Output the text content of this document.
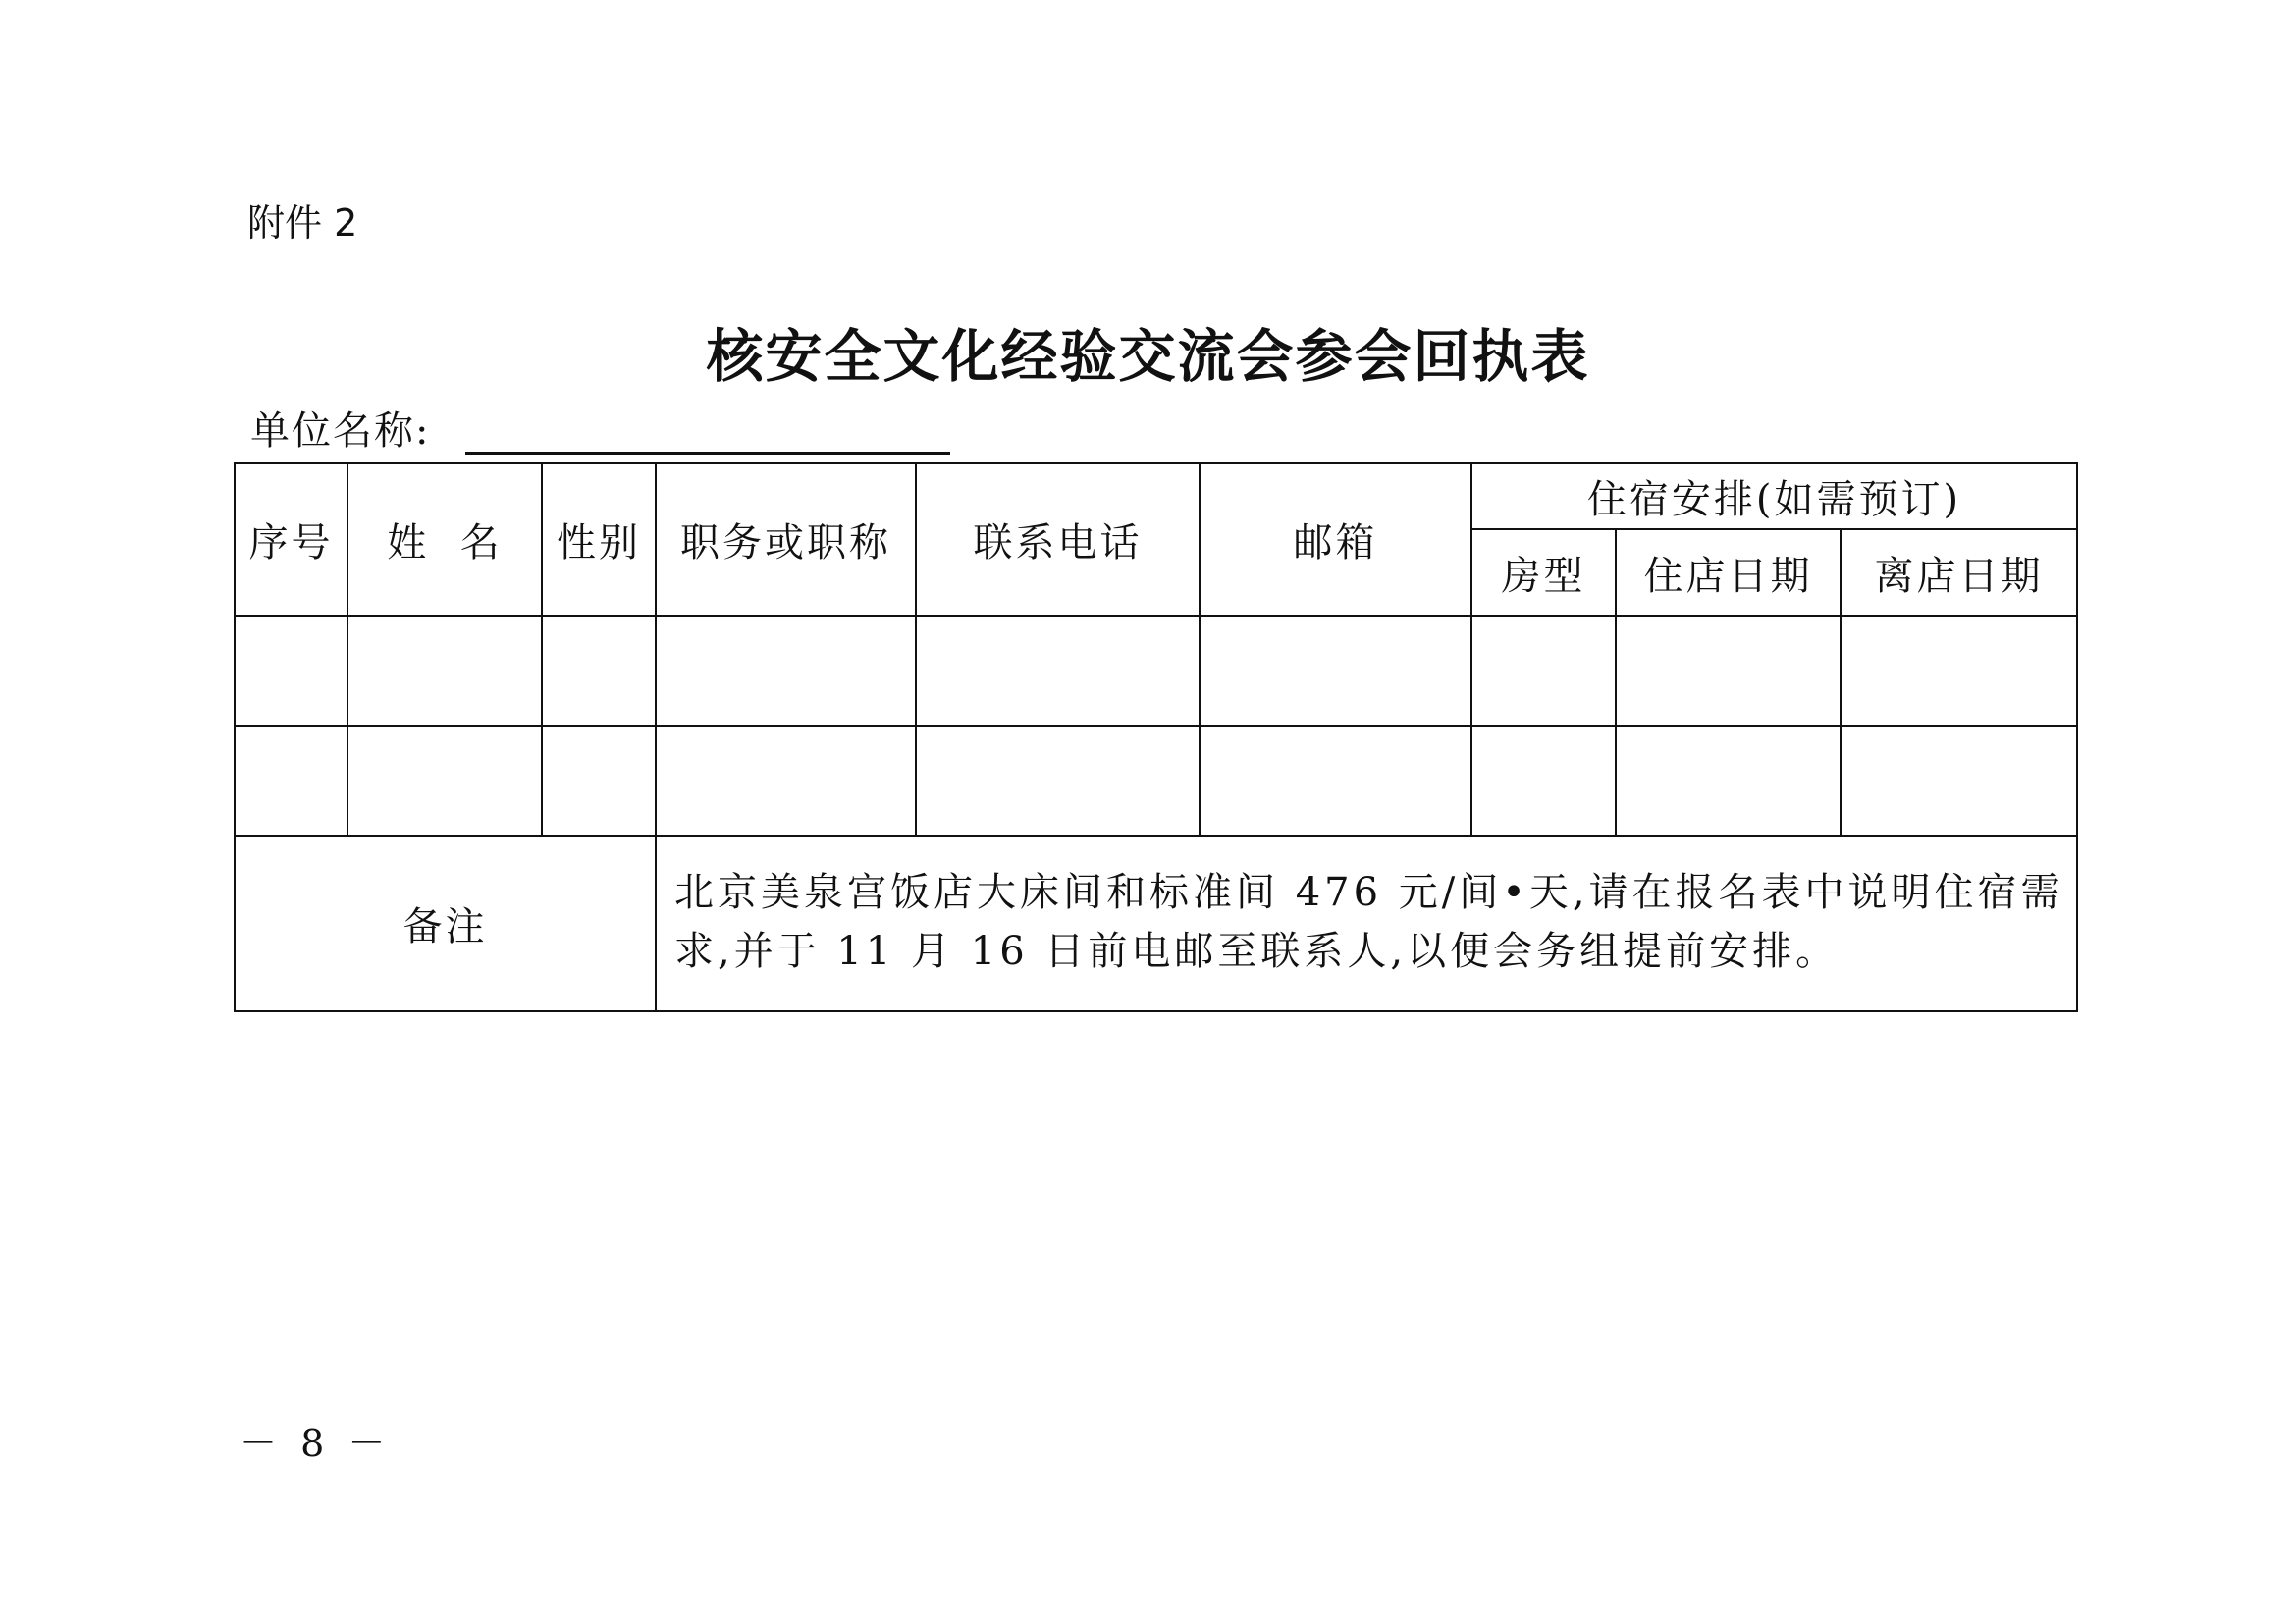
附件 2
核安全文化经验交流会参会回执表
单位名称:
序号	姓  名	性别	职务或职称	联系电话	邮箱	住宿安排(如需预订)		
						房型	住店日期	离店日期

备注			北京美泉宫饭店大床间和标准间 476 元/间•天,请在报名表中说明住宿需求,并于 11 月 16 日前电邮至联系人,以便会务组提前安排。					
－ 8 －
